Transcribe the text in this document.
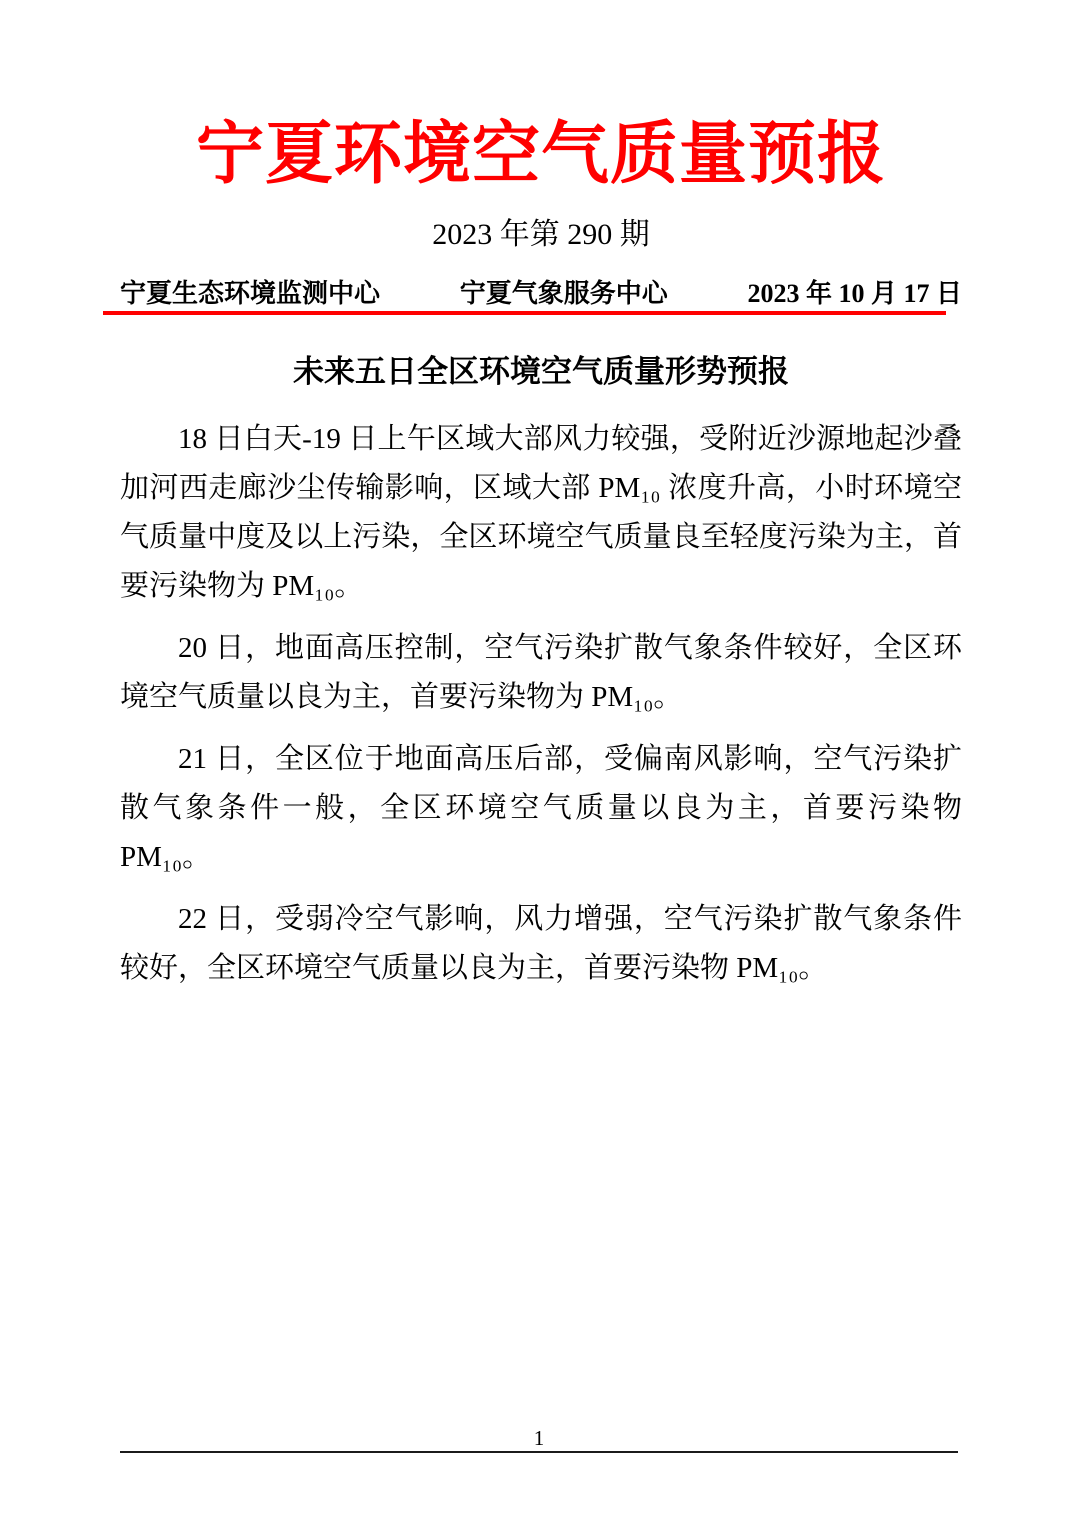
宁夏环境空气质量预报
2023 年第 290 期
宁夏生态环境监测中心	宁夏气象服务中心	2023 年 10 月 17 日
未来五日全区环境空气质量形势预报

18 日白天-19 日上午区域大部风力较强，受附近沙源地起沙叠加河西走廊沙尘传输影响，区域大部 PM₁₀ 浓度升高，小时环境空气质量中度及以上污染，全区环境空气质量良至轻度污染为主，首要污染物为 PM₁₀。

20 日，地面高压控制，空气污染扩散气象条件较好，全区环境空气质量以良为主，首要污染物为 PM₁₀。

21 日，全区位于地面高压后部，受偏南风影响，空气污染扩散气象条件一般，全区环境空气质量以良为主，首要污染物 PM₁₀。

22 日，受弱冷空气影响，风力增强，空气污染扩散气象条件较好，全区环境空气质量以良为主，首要污染物 PM₁₀。

1
